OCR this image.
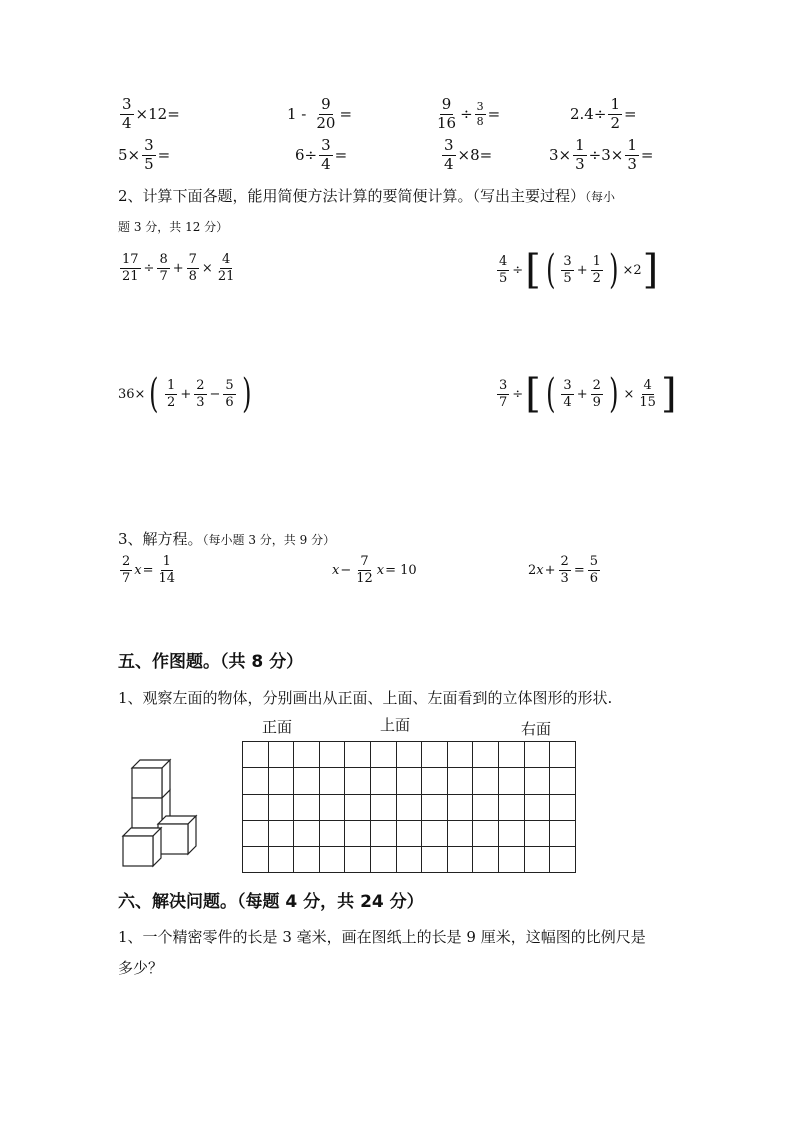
$\frac{3}{4} \times 12=$	$1 - \frac{9}{20}$ =	$\frac{9}{16} \div \frac{3}{8}$ =	$2.4\div \frac{1}{2}$ =
$5\times \frac{3}{5}$ =	$6\div \frac{3}{4}$ =	$\frac{3}{4} \times 8=$	$3\times \frac{1}{3} \div 3\times \frac{1}{3}$ =
2、计算下面各题，能用简便方法计算的要简便计算。（写出主要过程）（每小
题 3 分，共 12 分）
$\frac{17}{21} \div \frac{8}{7} + \frac{7}{8} \times \frac{4}{21}$	$\frac{4}{5}$ ÷ [ ( $\frac{3}{5} + \frac{1}{2}$ ) ×2 ]
36× ( $\frac{1}{2} + \frac{2}{3} - \frac{5}{6}$ )	$\frac{3}{7}$ ÷ [ ( $\frac{3}{4} + \frac{2}{9}$ ) × $\frac{4}{15}$ ]
3、解方程。（每小题 3 分，共 9 分）
$\frac{2}{7}$ $x = \frac{1}{14}$	$x - \frac{7}{12}$ x = 10	2 $x + \frac{2}{3} = \frac{5}{6}$
五、作图题。（共 8 分）
1、观察左面的物体，分别画出从正面、上面、左面看到的立体图形的形状.
正面	上面	右面

六、解决问题。（每题 4 分，共 24 分）
1、一个精密零件的长是 3 毫米，画在图纸上的长是 9 厘米，这幅图的比例尺是
多少？
